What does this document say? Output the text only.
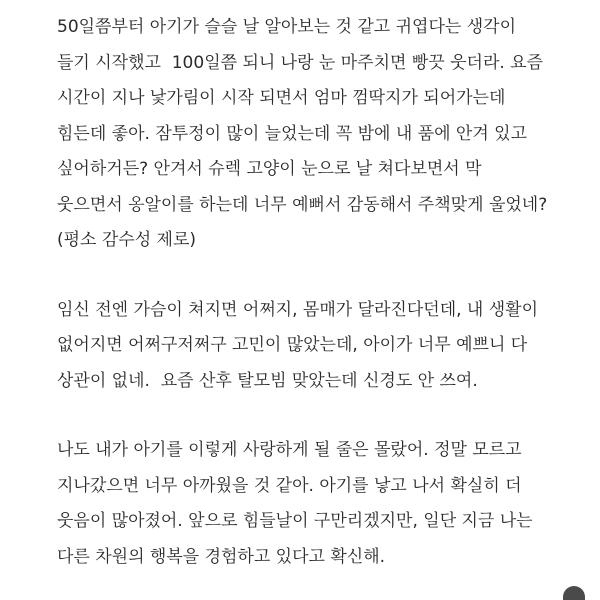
50일쯤부터 아기가 슬슬 날 알아보는 것 같고 귀엽다는 생각이
들기 시작했고  100일쯤 되니 나랑 눈 마주치면 빵끗 웃더라. 요즘
시간이 지나 낯가림이 시작 되면서 엄마 껌딱지가 되어가는데
힘든데 좋아. 잠투정이 많이 늘었는데 꼭 밤에 내 품에 안겨 있고
싶어하거든? 안겨서 슈렉 고양이 눈으로 날 쳐다보면서 막
웃으면서 옹알이를 하는데 너무 예뻐서 감동해서 주책맞게 울었네?
(평소 감수성 제로)
임신 전엔 가슴이 쳐지면 어쩌지, 몸매가 달라진다던데, 내 생활이
없어지면 어쩌구저쩌구 고민이 많았는데, 아이가 너무 예쁘니 다
상관이 없네.  요즘 산후 탈모빔 맞았는데 신경도 안 쓰여.
나도 내가 아기를 이렇게 사랑하게 될 줄은 몰랐어. 정말 모르고
지나갔으면 너무 아까웠을 것 같아. 아기를 낳고 나서 확실히 더
웃음이 많아졌어. 앞으로 힘들날이 구만리겠지만, 일단 지금 나는
다른 차원의 행복을 경험하고 있다고 확신해.
